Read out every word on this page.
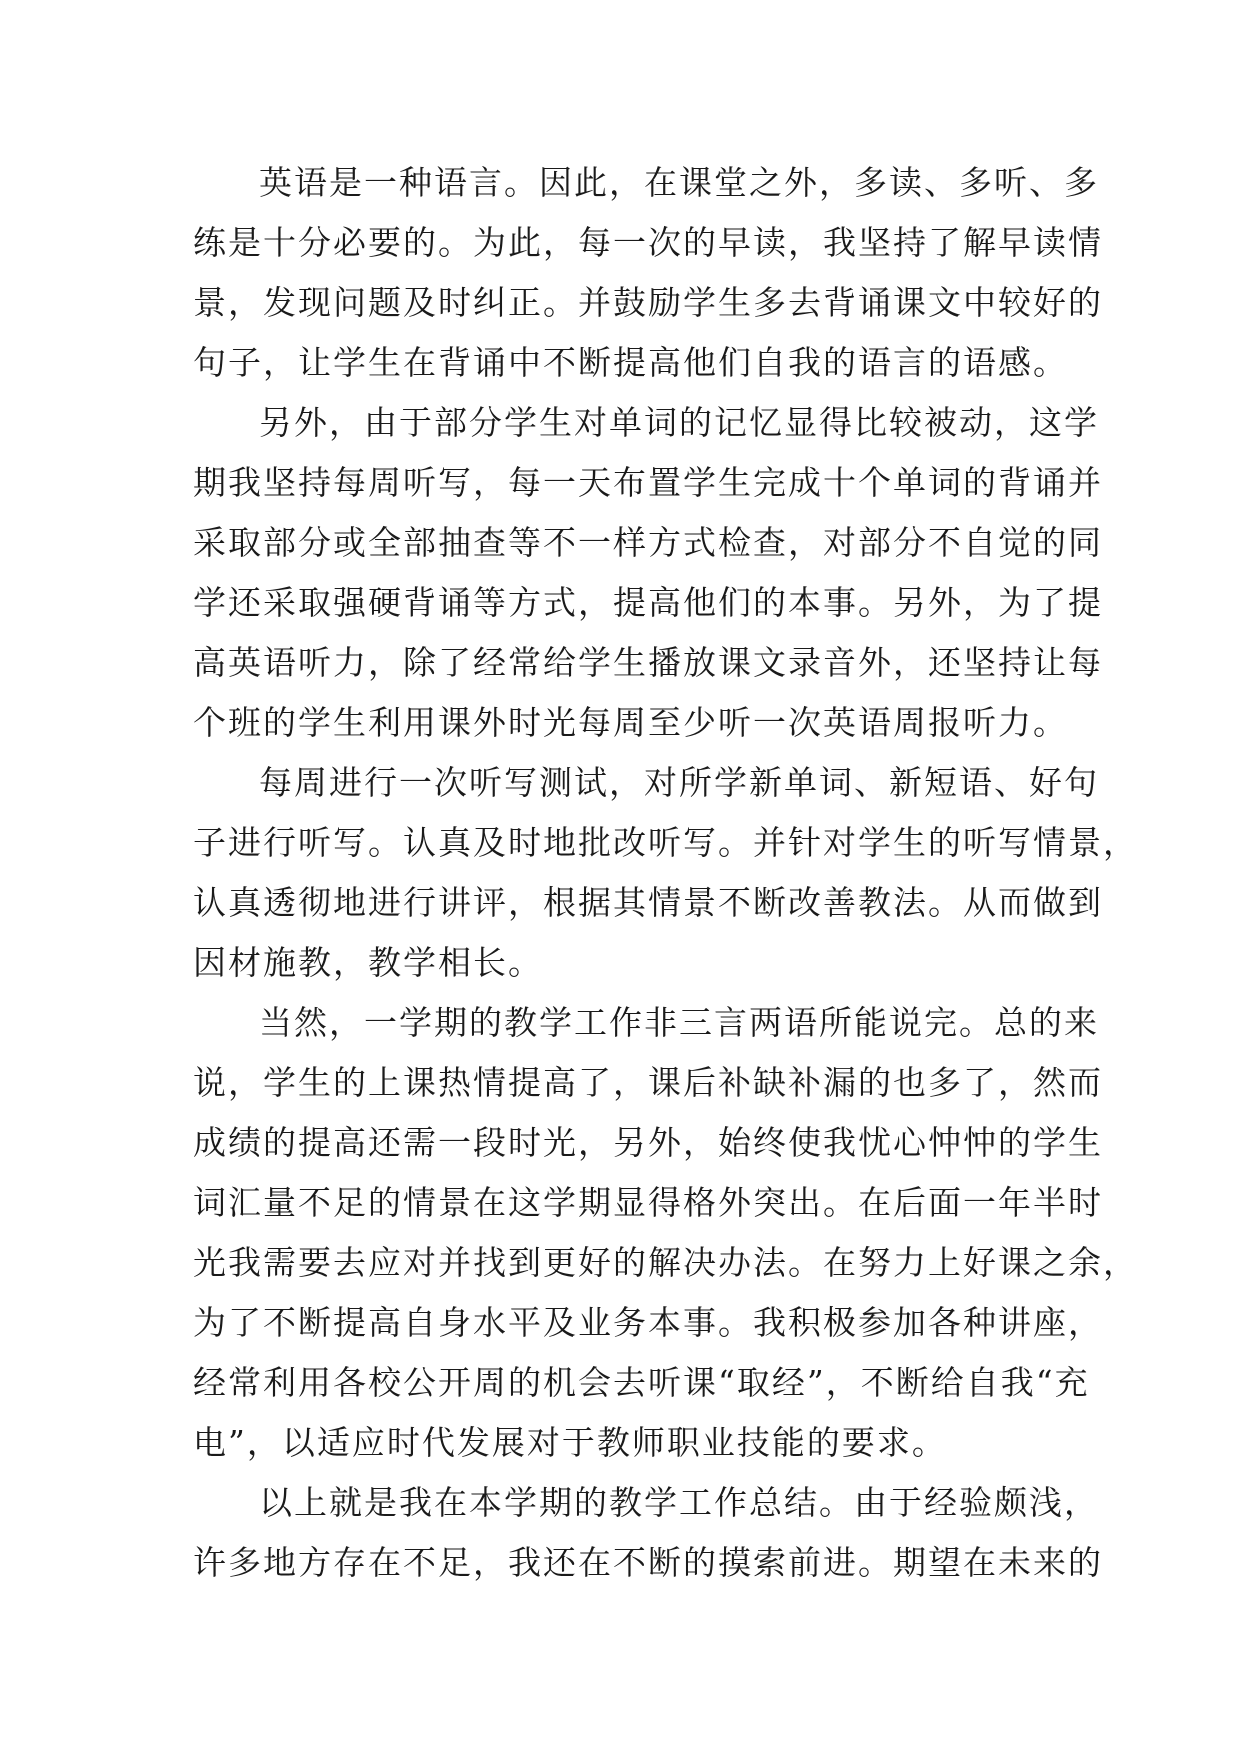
英语是一种语言。因此，在课堂之外，多读、多听、多
练是十分必要的。为此，每一次的早读，我坚持了解早读情
景，发现问题及时纠正。并鼓励学生多去背诵课文中较好的
句子，让学生在背诵中不断提高他们自我的语言的语感。
另外，由于部分学生对单词的记忆显得比较被动，这学
期我坚持每周听写，每一天布置学生完成十个单词的背诵并
采取部分或全部抽查等不一样方式检查，对部分不自觉的同
学还采取强硬背诵等方式，提高他们的本事。另外，为了提
高英语听力，除了经常给学生播放课文录音外，还坚持让每
个班的学生利用课外时光每周至少听一次英语周报听力。
每周进行一次听写测试，对所学新单词、新短语、好句
子进行听写。认真及时地批改听写。并针对学生的听写情景，
认真透彻地进行讲评，根据其情景不断改善教法。从而做到
因材施教，教学相长。
当然，一学期的教学工作非三言两语所能说完。总的来
说，学生的上课热情提高了，课后补缺补漏的也多了，然而
成绩的提高还需一段时光，另外，始终使我忧心忡忡的学生
词汇量不足的情景在这学期显得格外突出。在后面一年半时
光我需要去应对并找到更好的解决办法。在努力上好课之余，
为了不断提高自身水平及业务本事。我积极参加各种讲座，
经常利用各校公开周的机会去听课“取经”，不断给自我“充
电”，以适应时代发展对于教师职业技能的要求。
以上就是我在本学期的教学工作总结。由于经验颇浅，
许多地方存在不足，我还在不断的摸索前进。期望在未来的
